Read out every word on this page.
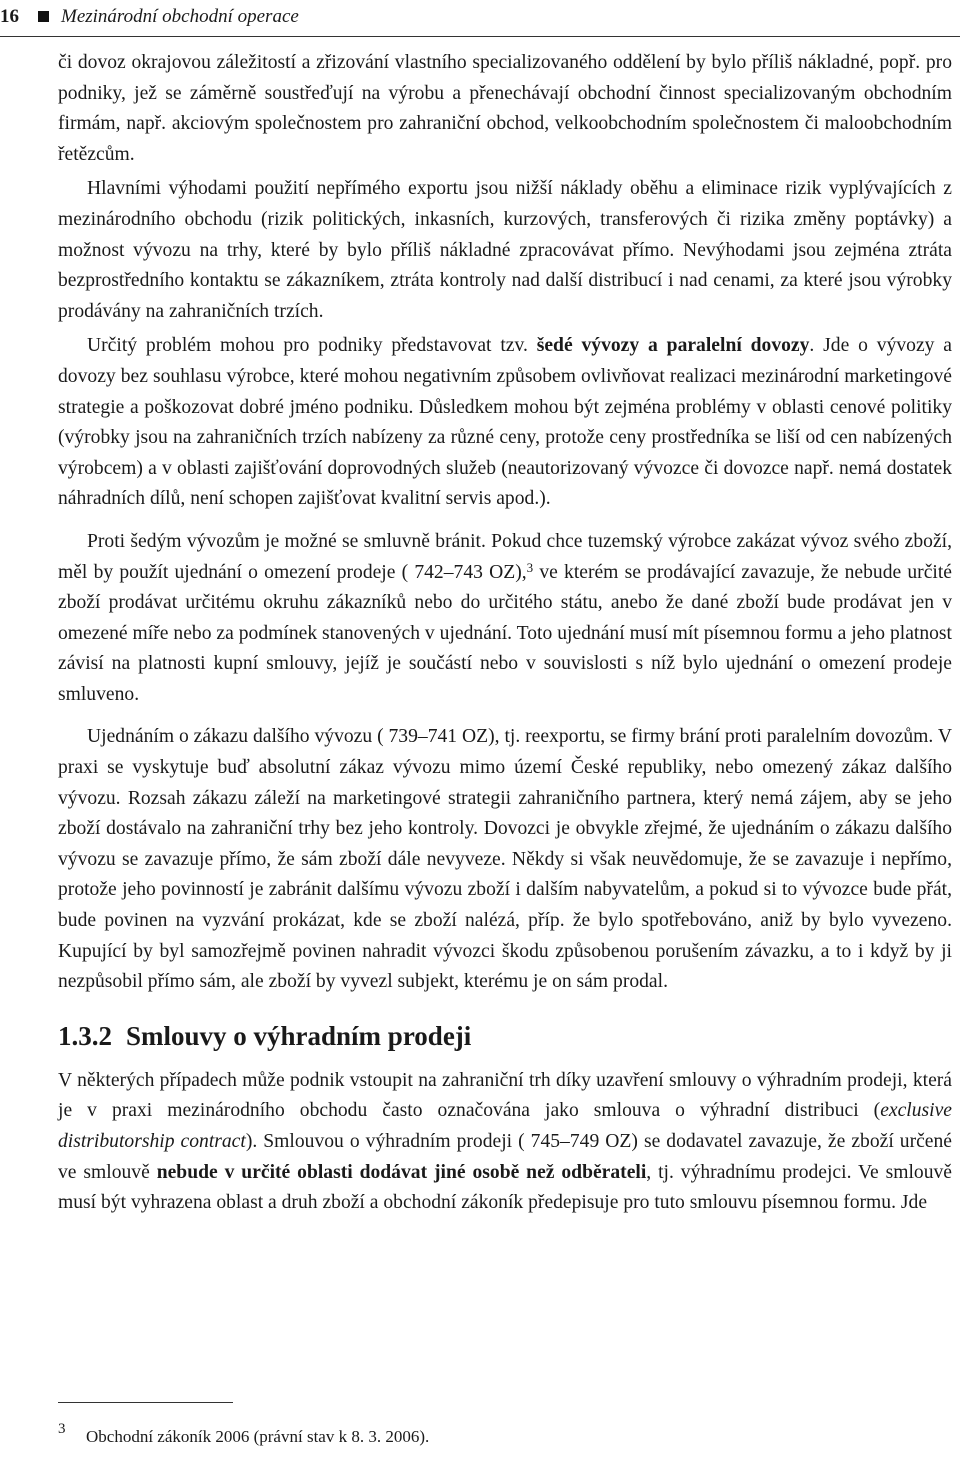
16 Mezinárodní obchodní operace

či dovoz okrajovou záležitostí a zřizování vlastního specializovaného oddělení by bylo příliš nákladné, popř. pro podniky, jež se záměrně soustřeďují na výrobu a přenechávají obchodní činnost specializovaným obchodním firmám, např. akciovým společnostem pro zahraniční obchod, velkoobchodním společnostem či maloobchodním řetězcům.

Hlavními výhodami použití nepřímého exportu jsou nižší náklady oběhu a eliminace rizik vyplývajících z mezinárodního obchodu (rizik politických, inkasních, kurzových, transferových či rizika změny poptávky) a možnost vývozu na trhy, které by bylo příliš nákladné zpracovávat přímo. Nevýhodami jsou zejména ztráta bezprostředního kontaktu se zákazníkem, ztráta kontroly nad další distribucí i nad cenami, za které jsou výrobky prodávány na zahraničních trzích.

Určitý problém mohou pro podniky představovat tzv. šedé vývozy a paralelní dovozy. Jde o vývozy a dovozy bez souhlasu výrobce, které mohou negativním způsobem ovlivňovat realizaci mezinárodní marketingové strategie a poškozovat dobré jméno podniku. Důsledkem mohou být zejména problémy v oblasti cenové politiky (výrobky jsou na zahraničních trzích nabízeny za různé ceny, protože ceny prostředníka se liší od cen nabízených výrobcem) a v oblasti zajišťování doprovodných služeb (neautorizovaný vývozce či dovozce např. nemá dostatek náhradních dílů, není schopen zajišťovat kvalitní servis apod.).

Proti šedým vývozům je možné se smluvně bránit. Pokud chce tuzemský výrobce zakázat vývoz svého zboží, měl by použít ujednání o omezení prodeje ( 742–743 OZ),$^3$ ve kterém se prodávající zavazuje, že nebude určité zboží prodávat určitému okruhu zákazníků nebo do určitého státu, anebo že dané zboží bude prodávat jen v omezené míře nebo za podmínek stanovených v ujednání. Toto ujednání musí mít písemnou formu a jeho platnost závisí na platnosti kupní smlouvy, jejíž je součástí nebo v souvislosti s níž bylo ujednání o omezení prodeje smluveno.

Ujednáním o zákazu dalšího vývozu ( 739–741 OZ), tj. reexportu, se firmy brání proti paralelním dovozům. V praxi se vyskytuje buď absolutní zákaz vývozu mimo území České republiky, nebo omezený zákaz dalšího vývozu. Rozsah zákazu záleží na marketingové strategii zahraničního partnera, který nemá zájem, aby se jeho zboží dostávalo na zahraniční trhy bez jeho kontroly. Dovozci je obvykle zřejmé, že ujednáním o zákazu dalšího vývozu se zavazuje přímo, že sám zboží dále nevyveze. Někdy si však neuvědomuje, že se zavazuje i nepřímo, protože jeho povinností je zabránit dalšímu vývozu zboží i dalším nabyvatelům, a pokud si to vývozce bude přát, bude povinen na vyzvání prokázat, kde se zboží nalézá, příp. že bylo spotřebováno, aniž by bylo vyvezeno. Kupující by byl samozřejmě povinen nahradit vývozci škodu způsobenou porušením závazku, a to i když by ji nezpůsobil přímo sám, ale zboží by vyvezl subjekt, kterému je on sám prodal.

1.3.2 Smlouvy o výhradním prodeji

V některých případech může podnik vstoupit na zahraniční trh díky uzavření smlouvy o výhradním prodeji, která je v praxi mezinárodního obchodu často označována jako smlouva o výhradní distribuci (exclusive distributorship contract). Smlouvou o výhradním prodeji ( 745–749 OZ) se dodavatel zavazuje, že zboží určené ve smlouvě nebude v určité oblasti dodávat jiné osobě než odběrateli, tj. výhradnímu prodejci. Ve smlouvě musí být vyhrazena oblast a druh zboží a obchodní zákoník předepisuje pro tuto smlouvu písemnou formu. Jde

3 Obchodní zákoník 2006 (právní stav k 8. 3. 2006).
